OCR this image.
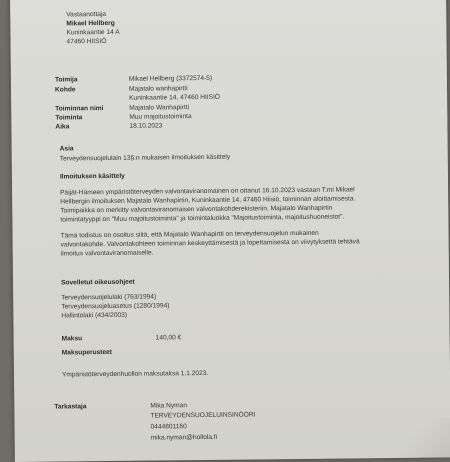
Vastaanottaja
Mikael Hellberg
Kuninkaantie 14 A
47460 HIISIÖ
Toimija	Mikael Hellberg (3372574-5)
Kohde	Majatalo wanhapirtti
Kuninkaantie 14, 47460 HIISIÖ
Toiminnan nimi	Majatalo Wanhapirtti
Toiminta	Muu majoitustoiminta
Aika	18.10.2023
Asia
Terveydensuojelulain 13§:n mukaisen ilmoituksen käsittely
Ilmoituksen käsittely
Päijät-Hämeen ympäristöterveyden valvontaviranomainen on ottanut 16.10.2023 vastaan T:mi Mikael
Hellbergin ilmoituksen Majatalo Wanhapirtin, Kuninkaantie 14, 47460 Hiisiö, toiminnan aloittamisesta.
Toimipaikka on merkitty valvontaviranomaisen valvontakohderekisteriin. Majatalo Wanhapirtin
toimintatyyppi on "Muu majoitustoiminta" ja toimintaluokka "Majoitustoiminta, majoitushuoneistot".
Tämä todistus on osoitus siitä, että Majatalo Wanhapirtti on terveydensuojelun mukainen
valvontakohde. Valvontakohteen toiminnan keskeyttämisestä ja lopettamisesta on viivytyksettä tehtävä
ilmoitus valvontaviranomaiselle.
Sovelletut oikeusohjeet
Terveydensuojelulaki (763/1994)
Terveydensuojeluasetus (1280/1994)
Hallintolaki (434/2003)
Maksu	140,00 €
Maksuperusteet
Ympäristöterveydenhuollon maksutaksa 1.1.2023.
Tarkastaja	Mika Nyman
TERVEYDENSUOJELUINSINÖÖRI
0444801160
mika.nyman@hollola.fi
